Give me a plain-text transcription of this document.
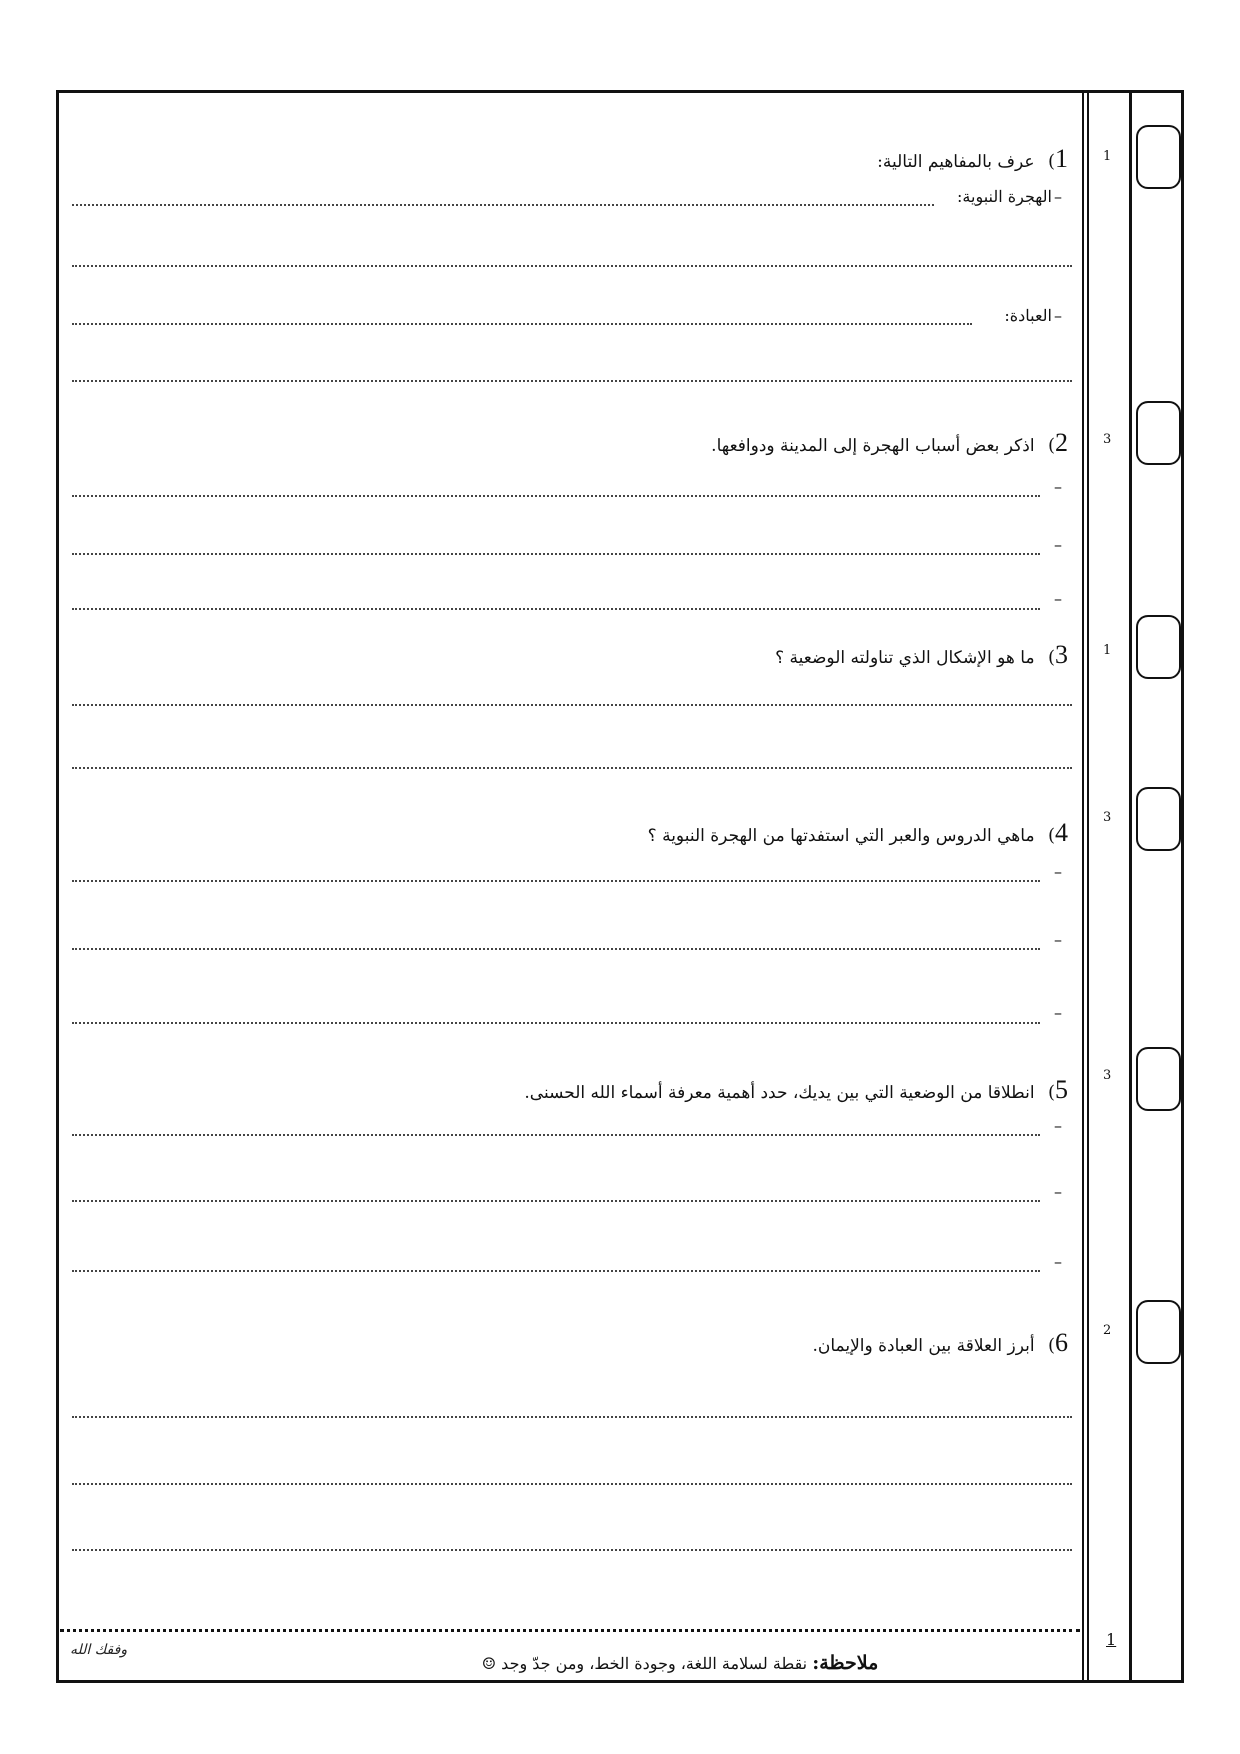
1
3
1
3
3
2
1) عرف بالمفاهيم التالية:
–
الهجرة النبوية:
–
العبادة:
2) اذكر بعض أسباب الهجرة إلى المدينة ودوافعها.
–
–
–
3) ما هو الإشكال الذي تناولته الوضعية ؟
4) ماهي الدروس والعبر التي استفدتها من الهجرة النبوية ؟
–
–
–
5) انطلاقا من الوضعية التي بين يديك، حدد أهمية معرفة أسماء الله الحسنى.
–
–
–
6) أبرز العلاقة بين العبادة والإيمان.
1
ملاحظة: نقطة لسلامة اللغة، وجودة الخط، ومن جدّ وجد ☺
وفقك الله
